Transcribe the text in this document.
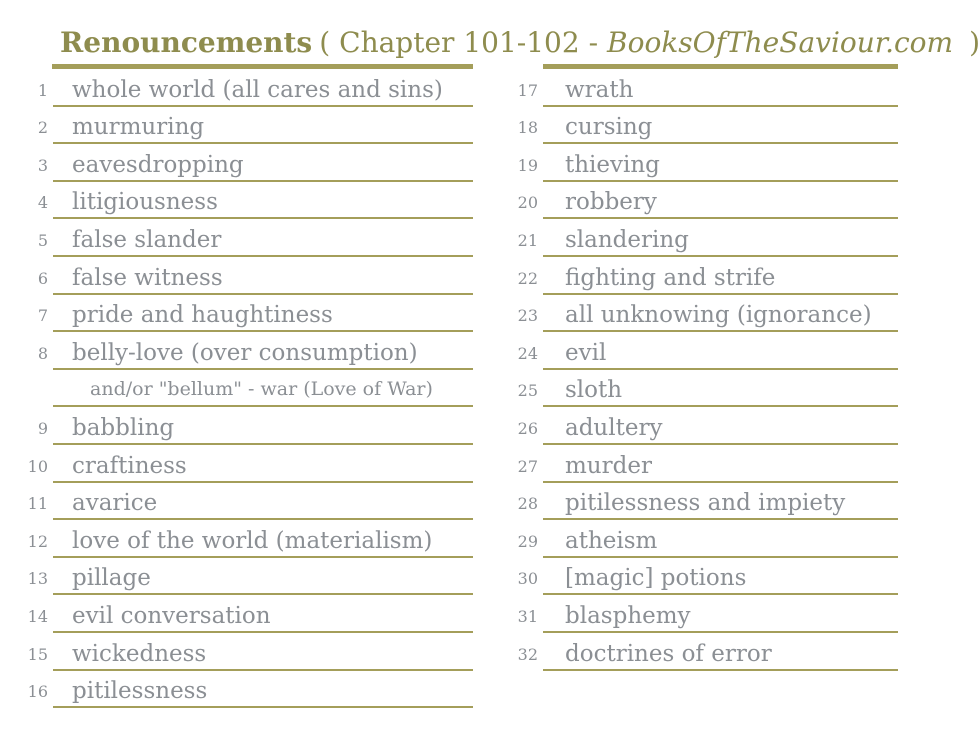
Renouncements ( Chapter 101-102 - BooksOfTheSaviour.com )
1	whole world (all cares and sins)
2	murmuring
3	eavesdropping
4	litigiousness
5	false slander
6	false witness
7	pride and haughtiness
8	belly-love (over consumption)
and/or "bellum" - war (Love of War)
9	babbling
10	craftiness
11	avarice
12	love of the world (materialism)
13	pillage
14	evil conversation
15	wickedness
16	pitilessness
17	wrath
18	cursing
19	thieving
20	robbery
21	slandering
22	fighting and strife
23	all unknowing (ignorance)
24	evil
25	sloth
26	adultery
27	murder
28	pitilessness and impiety
29	atheism
30	[magic] potions
31	blasphemy
32	doctrines of error
